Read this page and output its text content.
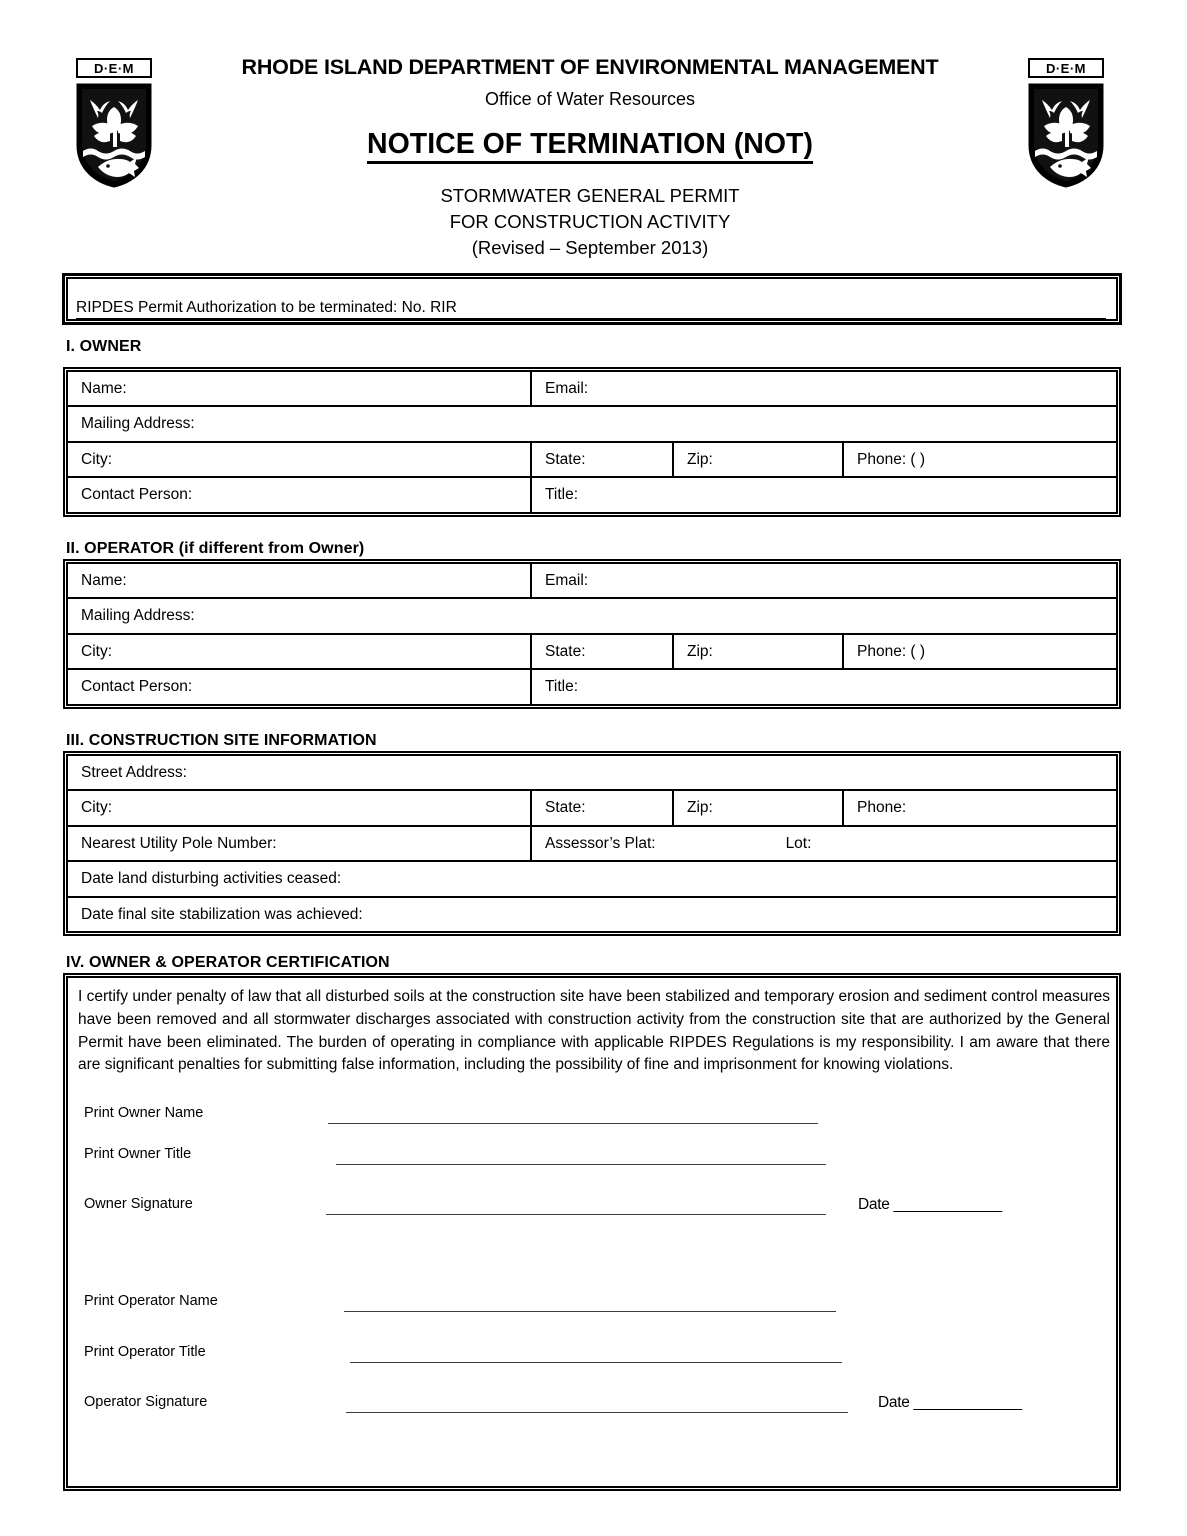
D·E·M	D·E·M
RHODE ISLAND DEPARTMENT OF ENVIRONMENTAL MANAGEMENT
Office of Water Resources
NOTICE OF TERMINATION (NOT)
STORMWATER GENERAL PERMIT
FOR CONSTRUCTION ACTIVITY
(Revised – September 2013)
RIPDES Permit Authorization to be terminated: No. RIR
I. OWNER
Name:	Email:
Mailing Address:
City:	State:	Zip:	Phone: ( )
Contact Person:	Title:
II. OPERATOR (if different from Owner)
Name:	Email:
Mailing Address:
City:	State:	Zip:	Phone: ( )
Contact Person:	Title:
III. CONSTRUCTION SITE INFORMATION
Street Address:
City:	State:	Zip:	Phone:
Nearest Utility Pole Number:	Assessor’s Plat:	Lot:
Date land disturbing activities ceased:
Date final site stabilization was achieved:
IV. OWNER & OPERATOR CERTIFICATION
I certify under penalty of law that all disturbed soils at the construction site have been stabilized and temporary erosion and sediment control measures have been removed and all stormwater discharges associated with construction activity from the construction site that are authorized by the General Permit have been eliminated. The burden of operating in compliance with applicable RIPDES Regulations is my responsibility. I am aware that there are significant penalties for submitting false information, including the possibility of fine and imprisonment for knowing violations.
Print Owner Name
Print Owner Title
Owner Signature	Date _____________
Print Operator Name
Print Operator Title
Operator Signature	Date _____________
